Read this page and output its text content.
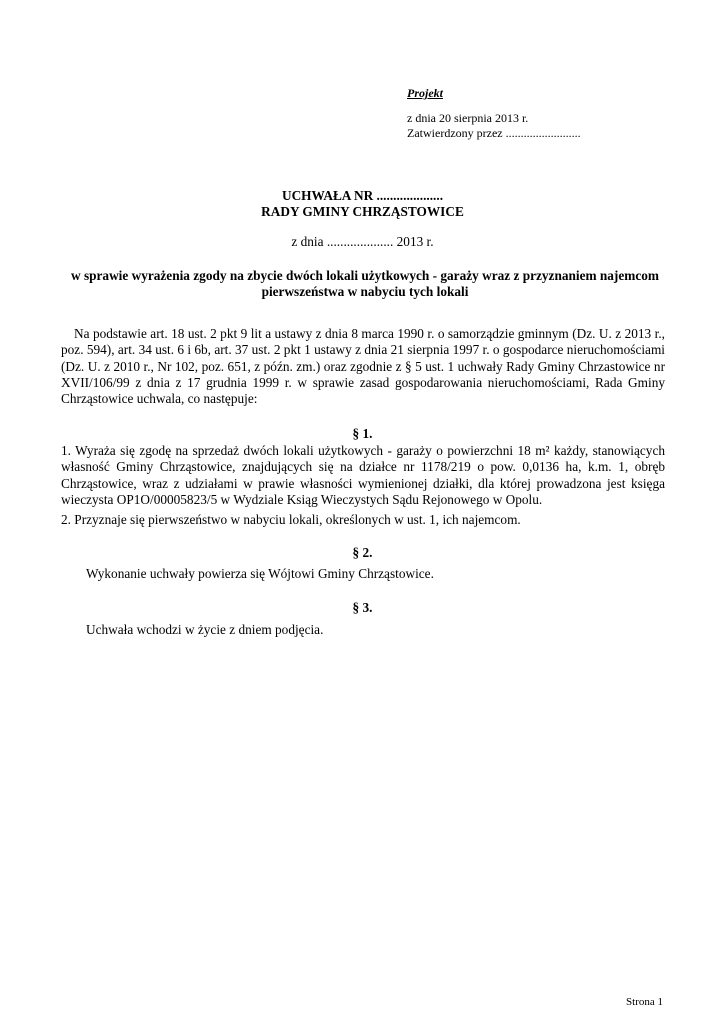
Projekt
z dnia 20 sierpnia 2013 r.
Zatwierdzony przez .........................
UCHWAŁA NR ....................
RADY GMINY CHRZĄSTOWICE
z dnia .................... 2013 r.
w sprawie wyrażenia zgody na zbycie dwóch lokali użytkowych - garaży wraz z przyznaniem najemcom pierwszeństwa w nabyciu tych lokali
Na podstawie art. 18 ust. 2 pkt 9 lit a ustawy z dnia 8 marca 1990 r. o samorządzie gminnym (Dz. U. z 2013 r., poz. 594), art. 34 ust. 6 i 6b, art. 37 ust. 2 pkt 1 ustawy z dnia 21 sierpnia 1997 r. o gospodarce nieruchomościami (Dz. U. z 2010 r., Nr 102, poz. 651, z późn. zm.) oraz zgodnie z § 5 ust. 1 uchwały Rady Gminy Chrzastowice nr XVII/106/99 z dnia z 17 grudnia 1999 r. w sprawie zasad gospodarowania nieruchomościami, Rada Gminy Chrząstowice uchwala, co następuje:
§ 1.
1. Wyraża się zgodę na sprzedaż dwóch lokali użytkowych - garaży o powierzchni 18 m² każdy, stanowiących własność Gminy Chrząstowice, znajdujących się na działce nr 1178/219 o pow. 0,0136 ha, k.m. 1, obręb Chrząstowice, wraz z udziałami w prawie własności wymienionej działki, dla której prowadzona jest księga wieczysta OP1O/00005823/5 w Wydziale Ksiąg Wieczystych Sądu Rejonowego w Opolu.
2. Przyznaje się pierwszeństwo w nabyciu lokali, określonych w ust. 1, ich najemcom.
§ 2.
Wykonanie uchwały powierza się Wójtowi Gminy Chrząstowice.
§ 3.
Uchwała wchodzi w życie z dniem podjęcia.
Strona 1
